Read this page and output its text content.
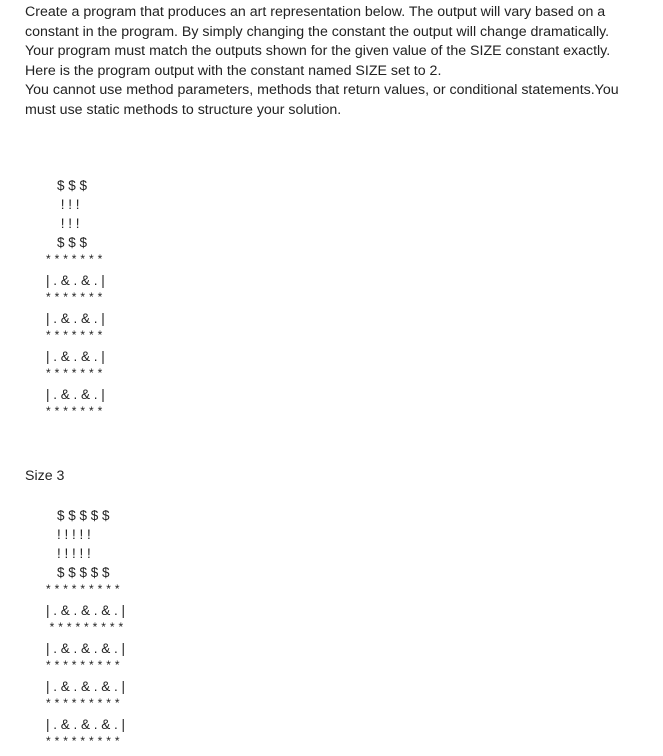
Create a program that produces an art representation below. The output will vary based on a

constant in the program. By simply changing the constant the output will change dramatically.

Your program must match the outputs shown for the given value of the SIZE constant exactly.

Here is the program output with the constant named SIZE set to 2.

You cannot use method parameters, methods that return values, or conditional statements.You

must use static methods to structure your solution.

$ $ $
! ! !
! ! !
$ $ $
* * * * * * *
| . & . & . |
* * * * * * *
| . & . & . |
* * * * * * *
| . & . & . |
* * * * * * *
| . & . & . |
* * * * * * *
Size 3
$ $ $ $ $
! ! ! ! !
! ! ! ! !
$ $ $ $ $
* * * * * * * * *
| . & . & . & . |
* * * * * * * * *
| . & . & . & . |
* * * * * * * * *
| . & . & . & . |
* * * * * * * * *
| . & . & . & . |
* * * * * * * * *
